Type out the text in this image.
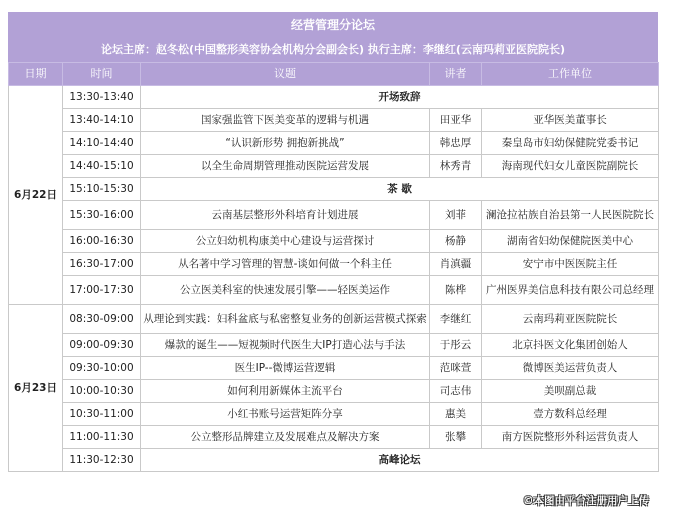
经营管理分论坛
论坛主席：赵冬松(中国整形美容协会机构分会副会长) 执行主席：李继红(云南玛莉亚医院院长)
日期	时间	议题	讲者	工作单位
6月22日	13:30-13:40	开场致辞		
	13:40-14:10	国家强监管下医美变革的逻辑与机遇	田亚华	亚华医美董事长
	14:10-14:40	“认识新形势 拥抱新挑战”	韩忠厚	秦皇岛市妇幼保健院党委书记
	14:40-15:10	以全生命周期管理推动医院运营发展	林秀青	海南现代妇女儿童医院副院长
	15:10-15:30	茶 歇		
	15:30-16:00	云南基层整形外科培育计划进展	刘菲	澜沧拉祜族自治县第一人民医院院长
	16:00-16:30	公立妇幼机构康美中心建设与运营探讨	杨静	湖南省妇幼保健院医美中心
	16:30-17:00	从名著中学习管理的智慧-谈如何做一个科主任	肖滇疆	安宁市中医医院主任
	17:00-17:30	公立医美科室的快速发展引擎——轻医美运作	陈桦	广州医界美信息科技有限公司总经理
6月23日	08:30-09:00	从理论到实践：妇科盆底与私密整复业务的创新运营模式探索	李继红	云南玛莉亚医院院长
	09:00-09:30	爆款的诞生——短视频时代医生大IP打造心法与手法	于彤云	北京抖医文化集团创始人
	09:30-10:00	医生IP--微博运营逻辑	范咪萱	微博医美运营负责人
	10:00-10:30	如何利用新媒体主流平台	司志伟	美呗副总裁
	10:30-11:00	小红书账号运营矩阵分享	惠美	壹方数科总经理
	11:00-11:30	公立整形品牌建立及发展难点及解决方案	张攀	南方医院整形外科运营负责人
	11:30-12:30	高峰论坛		
©本图由平台注册用户上传
